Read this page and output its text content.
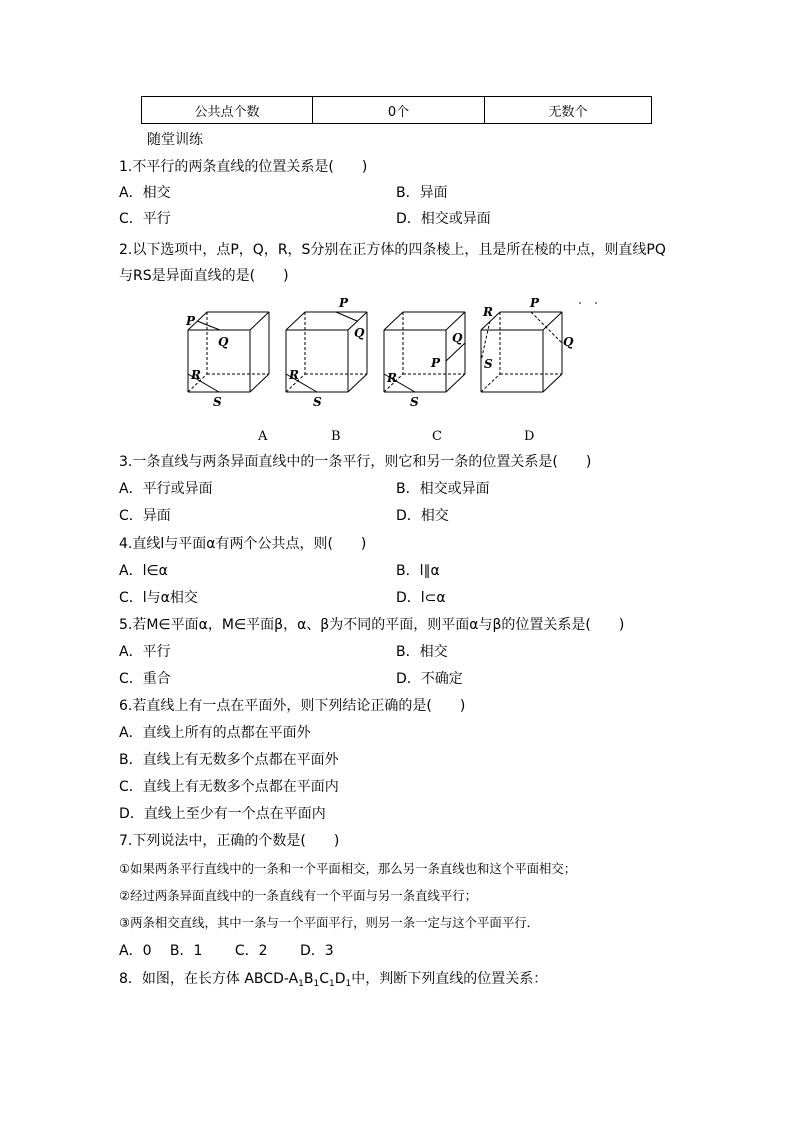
公共点个数	0个	无数个
随堂训练
1.不平行的两条直线的位置关系是(　　)
A．相交	B．异面
C．平行	D．相交或异面
2.以下选项中，点P，Q，R，S分别在正方体的四条棱上，且是所在棱的中点，则直线PQ
与RS是异面直线的是(　　)
P
Q
R
S
P
Q
R
S
P
Q
R
S
P
Q
R
S
A	B	C	D
3.一条直线与两条异面直线中的一条平行，则它和另一条的位置关系是(　　)
A．平行或异面	B．相交或异面
C．异面	D．相交
4.直线l与平面α有两个公共点，则(　　)
A．l∈α	B．l∥α
C．l与α相交	D．l⊂α
5.若M∈平面α，M∈平面β，α、β为不同的平面，则平面α与β的位置关系是(　　)
A．平行	B．相交
C．重合	D．不确定
6.若直线上有一点在平面外，则下列结论正确的是(　　)
A．直线上所有的点都在平面外
B．直线上有无数多个点都在平面外
C．直线上有无数多个点都在平面内
D．直线上至少有一个点在平面内
7.下列说法中，正确的个数是(　　)
①如果两条平行直线中的一条和一个平面相交，那么另一条直线也和这个平面相交；
②经过两条异面直线中的一条直线有一个平面与另一条直线平行；
③两条相交直线，其中一条与一个平面平行，则另一条一定与这个平面平行．
A．0　 B．1　　 C．2　　 D．3
8．如图，在长方体 ABCD-$A_1B_1C_1D_1$中，判断下列直线的位置关系：
